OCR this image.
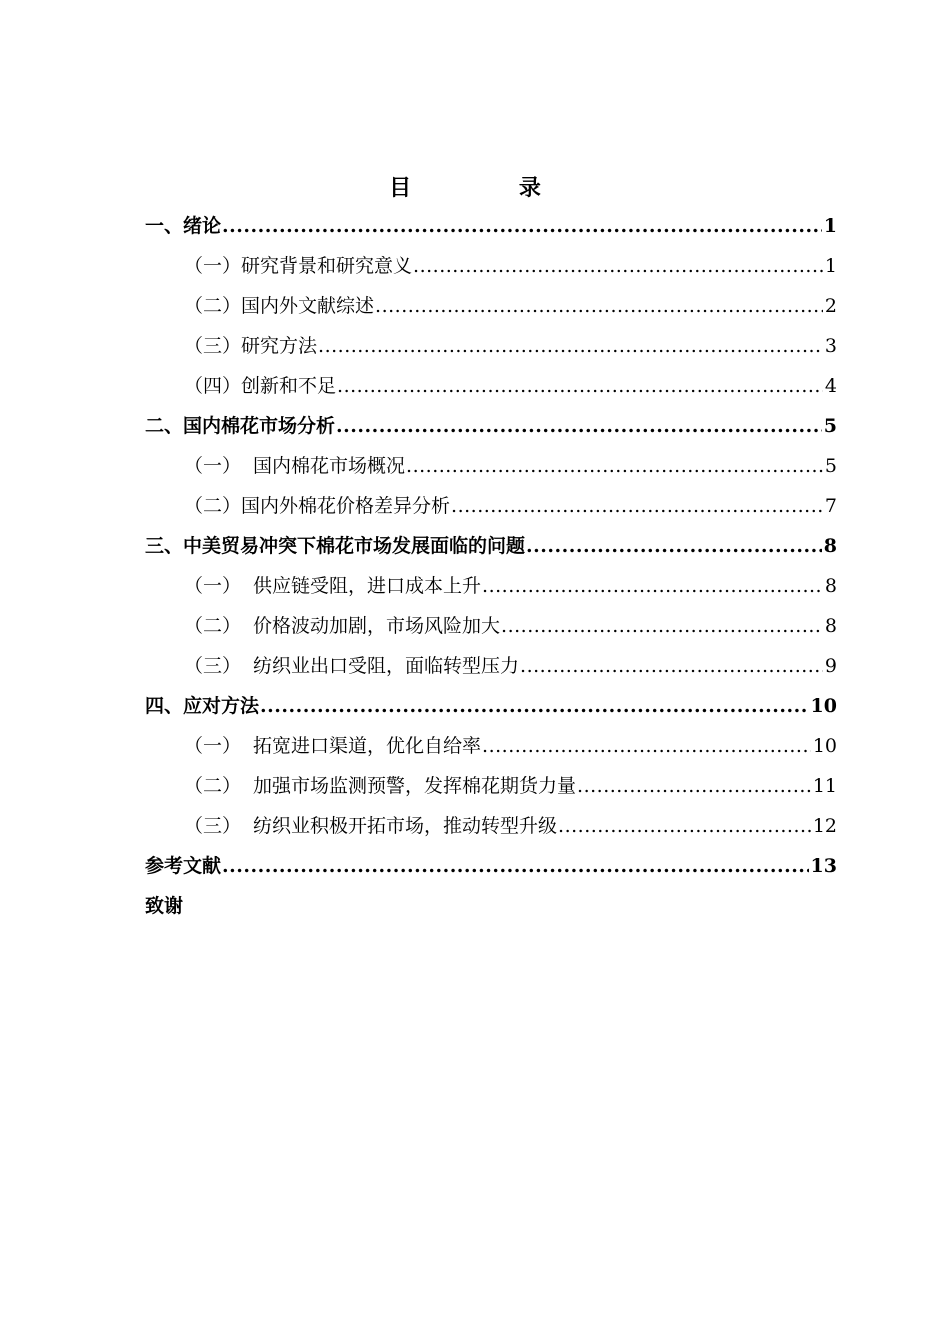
目 录
一、绪论 .....	1
（一）研究背景和研究意义 .....	1
（二）国内外文献综述 .....	2
（三）研究方法 .....	3
（四）创新和不足 .....	4
二、国内棉花市场分析 .....	5
（一） 国内棉花市场概况 .....	5
（二）国内外棉花价格差异分析 .....	7
三、中美贸易冲突下棉花市场发展面临的问题 .....	8
（一） 供应链受阻，进口成本上升 .....	8
（二） 价格波动加剧，市场风险加大 .....	8
（三） 纺织业出口受阻，面临转型压力 .....	9
四、应对方法 .....	10
（一） 拓宽进口渠道，优化自给率 .....	10
（二） 加强市场监测预警，发挥棉花期货力量 .....	11
（三） 纺织业积极开拓市场，推动转型升级 .....	12
参考文献 .....	13
致谢
